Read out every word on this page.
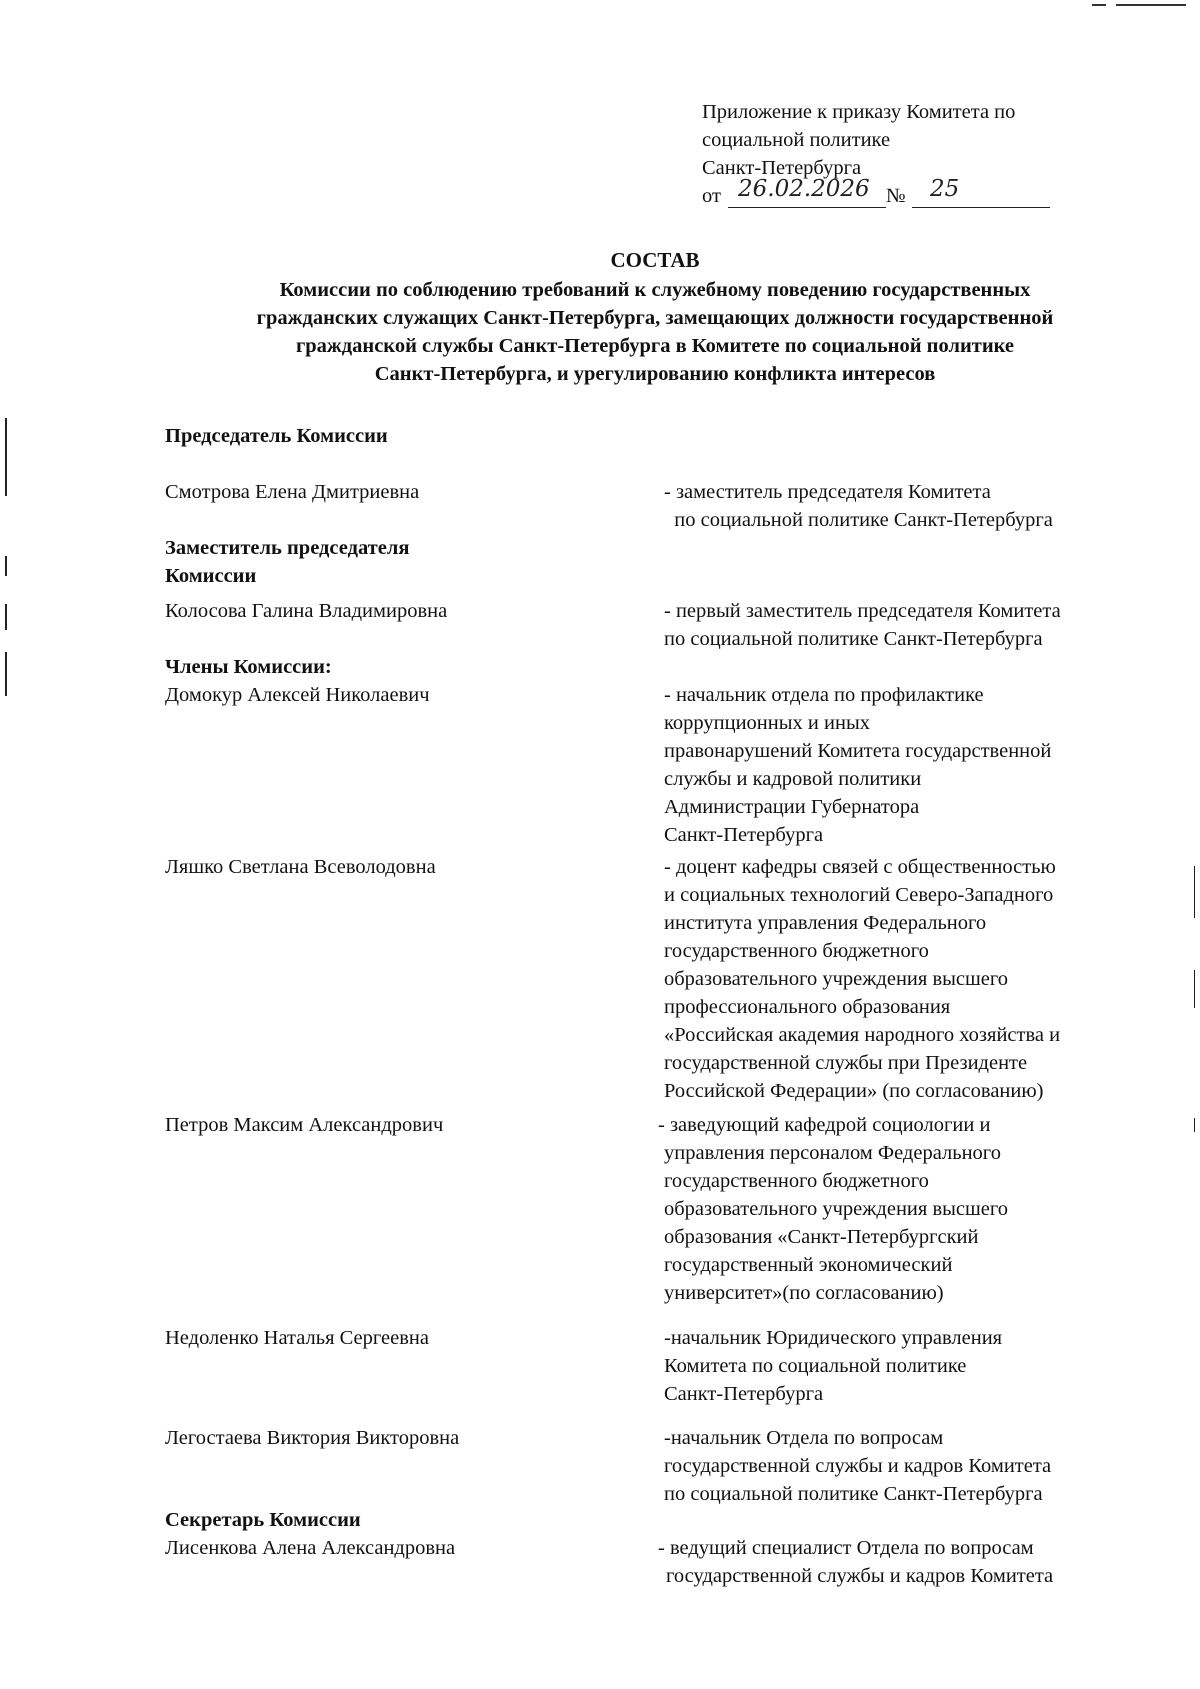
Приложение к приказу Комитета по
социальной политике
Санкт-Петербурга
от 26.02.2026 № 25
СОСТАВ
Комиссии по соблюдению требований к служебному поведению государственных
гражданских служащих Санкт-Петербурга, замещающих должности государственной
гражданской службы Санкт-Петербурга в Комитете по социальной политике
Санкт-Петербурга, и урегулированию конфликта интересов
Председатель Комиссии
Смотрова Елена Дмитриевна	- заместитель председателя Комитета
по социальной политике Санкт-Петербурга
Заместитель председателя
Комиссии
Колосова Галина Владимировна	- первый заместитель председателя Комитета
по социальной политике Санкт-Петербурга
Члены Комиссии:
Домокур Алексей Николаевич	- начальник отдела по профилактике
коррупционных и иных
правонарушений Комитета государственной
службы и кадровой политики
Администрации Губернатора
Санкт-Петербурга
Ляшко Светлана Всеволодовна	- доцент кафедры связей с общественностью
и социальных технологий Северо-Западного
института управления Федерального
государственного бюджетного
образовательного учреждения высшего
профессионального образования
«Российская академия народного хозяйства и
государственной службы при Президенте
Российской Федерации» (по согласованию)
Петров Максим Александрович	- заведующий кафедрой социологии и
управления персоналом Федерального
государственного бюджетного
образовательного учреждения высшего
образования «Санкт-Петербургский
государственный экономический
университет»(по согласованию)
Недоленко Наталья Сергеевна	-начальник Юридического управления
Комитета по социальной политике
Санкт-Петербурга
Легостаева Виктория Викторовна	-начальник Отдела по вопросам
государственной службы и кадров Комитета
по социальной политике Санкт-Петербурга
Секретарь Комиссии
Лисенкова Алена Александровна	- ведущий специалист Отдела по вопросам
государственной службы и кадров Комитета
